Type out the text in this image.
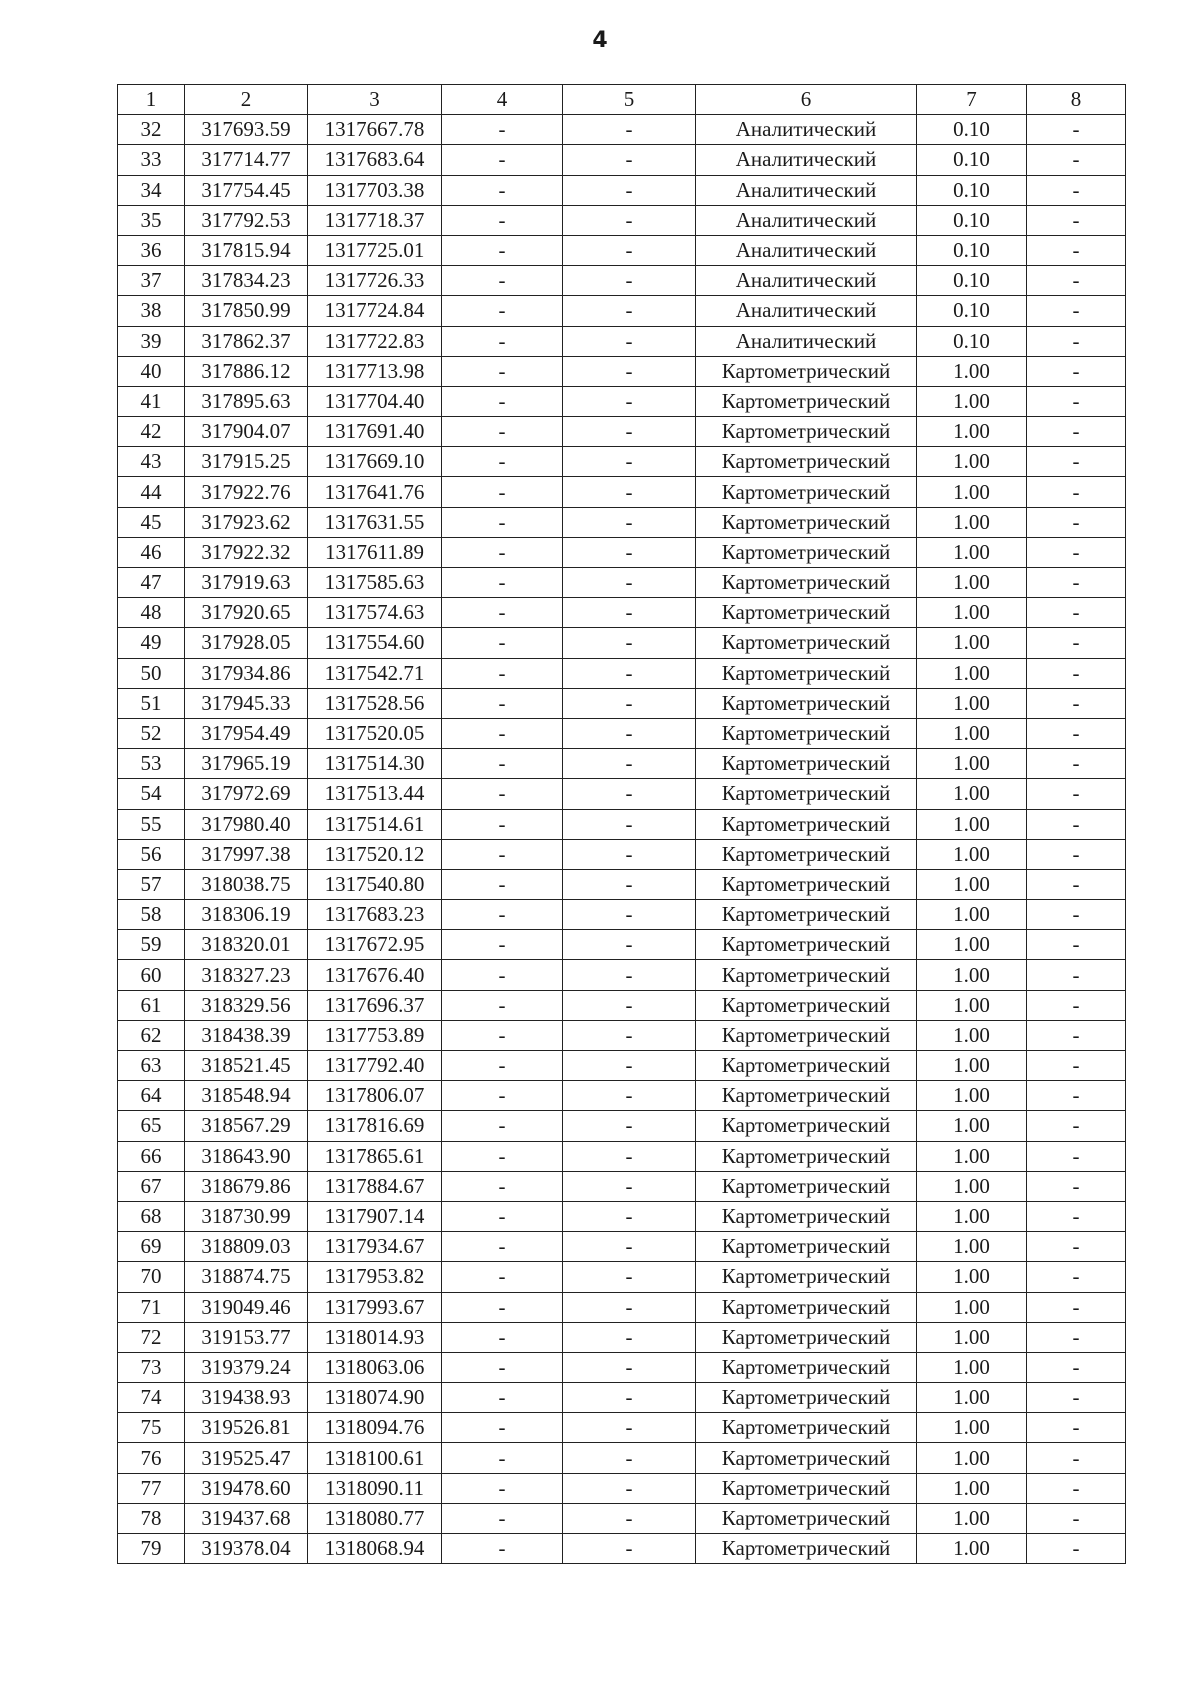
4
1	2	3	4	5	6	7	8
32	317693.59	1317667.78	-	-	Аналитический	0.10	-
33	317714.77	1317683.64	-	-	Аналитический	0.10	-
34	317754.45	1317703.38	-	-	Аналитический	0.10	-
35	317792.53	1317718.37	-	-	Аналитический	0.10	-
36	317815.94	1317725.01	-	-	Аналитический	0.10	-
37	317834.23	1317726.33	-	-	Аналитический	0.10	-
38	317850.99	1317724.84	-	-	Аналитический	0.10	-
39	317862.37	1317722.83	-	-	Аналитический	0.10	-
40	317886.12	1317713.98	-	-	Картометрический	1.00	-
41	317895.63	1317704.40	-	-	Картометрический	1.00	-
42	317904.07	1317691.40	-	-	Картометрический	1.00	-
43	317915.25	1317669.10	-	-	Картометрический	1.00	-
44	317922.76	1317641.76	-	-	Картометрический	1.00	-
45	317923.62	1317631.55	-	-	Картометрический	1.00	-
46	317922.32	1317611.89	-	-	Картометрический	1.00	-
47	317919.63	1317585.63	-	-	Картометрический	1.00	-
48	317920.65	1317574.63	-	-	Картометрический	1.00	-
49	317928.05	1317554.60	-	-	Картометрический	1.00	-
50	317934.86	1317542.71	-	-	Картометрический	1.00	-
51	317945.33	1317528.56	-	-	Картометрический	1.00	-
52	317954.49	1317520.05	-	-	Картометрический	1.00	-
53	317965.19	1317514.30	-	-	Картометрический	1.00	-
54	317972.69	1317513.44	-	-	Картометрический	1.00	-
55	317980.40	1317514.61	-	-	Картометрический	1.00	-
56	317997.38	1317520.12	-	-	Картометрический	1.00	-
57	318038.75	1317540.80	-	-	Картометрический	1.00	-
58	318306.19	1317683.23	-	-	Картометрический	1.00	-
59	318320.01	1317672.95	-	-	Картометрический	1.00	-
60	318327.23	1317676.40	-	-	Картометрический	1.00	-
61	318329.56	1317696.37	-	-	Картометрический	1.00	-
62	318438.39	1317753.89	-	-	Картометрический	1.00	-
63	318521.45	1317792.40	-	-	Картометрический	1.00	-
64	318548.94	1317806.07	-	-	Картометрический	1.00	-
65	318567.29	1317816.69	-	-	Картометрический	1.00	-
66	318643.90	1317865.61	-	-	Картометрический	1.00	-
67	318679.86	1317884.67	-	-	Картометрический	1.00	-
68	318730.99	1317907.14	-	-	Картометрический	1.00	-
69	318809.03	1317934.67	-	-	Картометрический	1.00	-
70	318874.75	1317953.82	-	-	Картометрический	1.00	-
71	319049.46	1317993.67	-	-	Картометрический	1.00	-
72	319153.77	1318014.93	-	-	Картометрический	1.00	-
73	319379.24	1318063.06	-	-	Картометрический	1.00	-
74	319438.93	1318074.90	-	-	Картометрический	1.00	-
75	319526.81	1318094.76	-	-	Картометрический	1.00	-
76	319525.47	1318100.61	-	-	Картометрический	1.00	-
77	319478.60	1318090.11	-	-	Картометрический	1.00	-
78	319437.68	1318080.77	-	-	Картометрический	1.00	-
79	319378.04	1318068.94	-	-	Картометрический	1.00	-
